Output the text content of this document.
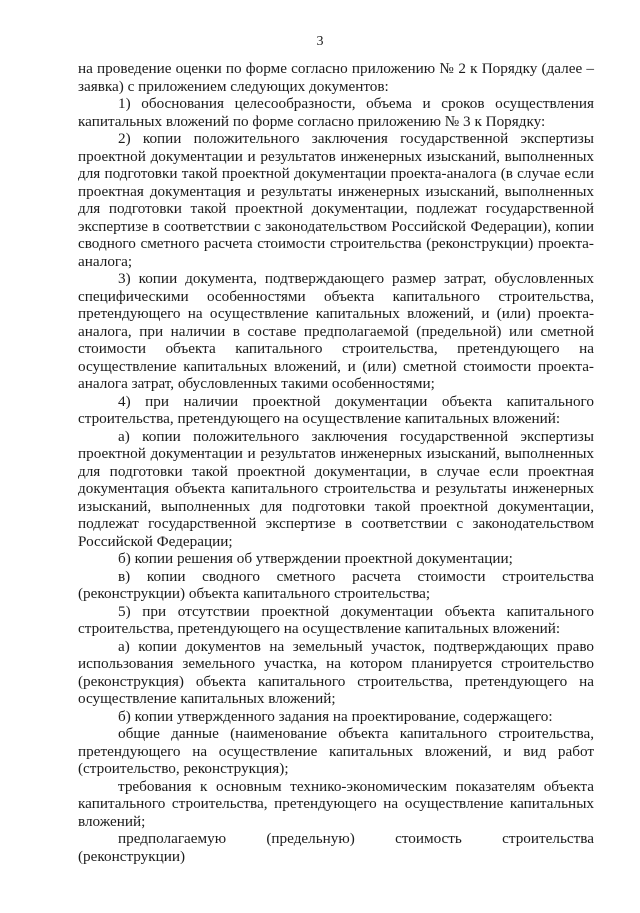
3

на проведение оценки по форме согласно приложению № 2 к Порядку (далее – заявка) с приложением следующих документов:

1) обоснования целесообразности, объема и сроков осуществления капитальных вложений по форме согласно приложению № 3 к Порядку:

2) копии положительного заключения государственной экспертизы проектной документации и результатов инженерных изысканий, выполненных для подготовки такой проектной документации проекта-аналога (в случае если проектная документация и результаты инженерных изысканий, выполненных для подготовки такой проектной документации, подлежат государственной экспертизе в соответствии с законодательством Российской Федерации), копии сводного сметного расчета стоимости строительства (реконструкции) проекта-аналога;

3) копии документа, подтверждающего размер затрат, обусловленных специфическими особенностями объекта капитального строительства, претендующего на осуществление капитальных вложений, и (или) проекта-аналога, при наличии в составе предполагаемой (предельной) или сметной стоимости объекта капитального строительства, претендующего на осуществление капитальных вложений, и (или) сметной стоимости проекта-аналога затрат, обусловленных такими особенностями;

4) при наличии проектной документации объекта капитального строительства, претендующего на осуществление капитальных вложений:

а) копии положительного заключения государственной экспертизы проектной документации и результатов инженерных изысканий, выполненных для подготовки такой проектной документации, в случае если проектная документация объекта капитального строительства и результаты инженерных изысканий, выполненных для подготовки такой проектной документации, подлежат государственной экспертизе в соответствии с законодательством Российской Федерации;

б) копии решения об утверждении проектной документации;

в) копии сводного сметного расчета стоимости строительства (реконструкции) объекта капитального строительства;

5) при отсутствии проектной документации объекта капитального строительства, претендующего на осуществление капитальных вложений:

а) копии документов на земельный участок, подтверждающих право использования земельного участка, на котором планируется строительство (реконструкция) объекта капитального строительства, претендующего на осуществление капитальных вложений;

б) копии утвержденного задания на проектирование, содержащего:

общие данные (наименование объекта капитального строительства, претендующего на осуществление капитальных вложений, и вид работ (строительство, реконструкция);

требования к основным технико-экономическим показателям объекта капитального строительства, претендующего на осуществление капитальных вложений;

предполагаемую (предельную) стоимость строительства (реконструкции)
